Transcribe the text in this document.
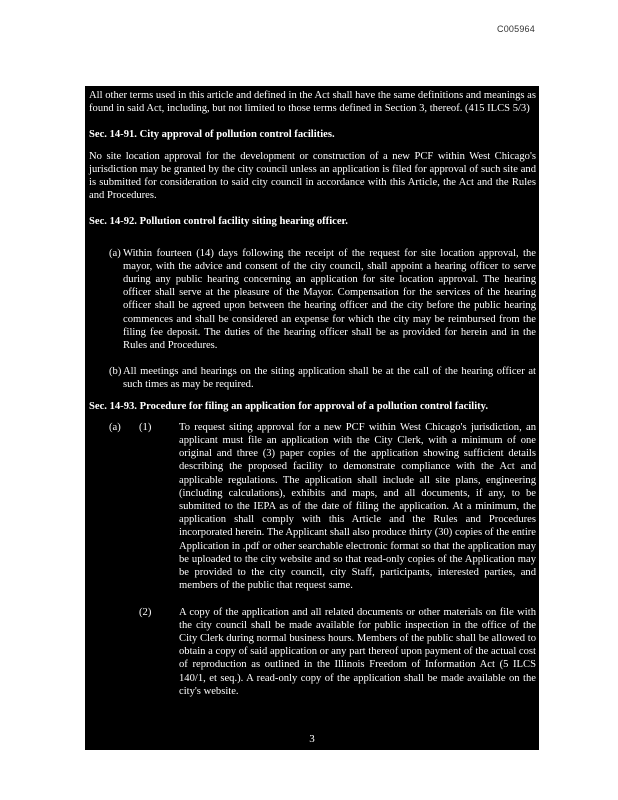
C005964

All other terms used in this article and defined in the Act shall have the same definitions and meanings as found in said Act, including, but not limited to those terms defined in Section 3, thereof. (415 ILCS 5/3)

Sec. 14-91. City approval of pollution control facilities.

No site location approval for the development or construction of a new PCF within West Chicago's jurisdiction may be granted by the city council unless an application is filed for approval of such site and is submitted for consideration to said city council in accordance with this Article, the Act and the Rules and Procedures.

Sec. 14-92. Pollution control facility siting hearing officer.

(a) Within fourteen (14) days following the receipt of the request for site location approval, the mayor, with the advice and consent of the city council, shall appoint a hearing officer to serve during any public hearing concerning an application for site location approval. The hearing officer shall serve at the pleasure of the Mayor. Compensation for the services of the hearing officer shall be agreed upon between the hearing officer and the city before the public hearing commences and shall be considered an expense for which the city may be reimbursed from the filing fee deposit. The duties of the hearing officer shall be as provided for herein and in the Rules and Procedures.
(b) All meetings and hearings on the siting application shall be at the call of the hearing officer at such times as may be required.

Sec. 14-93. Procedure for filing an application for approval of a pollution control facility.

(a)	(1)	To request siting approval for a new PCF within West Chicago's jurisdiction, an applicant must file an application with the City Clerk, with a minimum of one original and three (3) paper copies of the application showing sufficient details describing the proposed facility to demonstrate compliance with the Act and applicable regulations. The application shall include all site plans, engineering (including calculations), exhibits and maps, and all documents, if any, to be submitted to the IEPA as of the date of filing the application. At a minimum, the application shall comply with this Article and the Rules and Procedures incorporated herein. The Applicant shall also produce thirty (30) copies of the entire Application in .pdf or other searchable electronic format so that the application may be uploaded to the city website and so that read-only copies of the Application may be provided to the city council, city Staff, participants, interested parties, and members of the public that request same.
(2)	A copy of the application and all related documents or other materials on file with the city council shall be made available for public inspection in the office of the City Clerk during normal business hours. Members of the public shall be allowed to obtain a copy of said application or any part thereof upon payment of the actual cost of reproduction as outlined in the Illinois Freedom of Information Act (5 ILCS 140/1, et seq.). A read-only copy of the application shall be made available on the city's website.
3
